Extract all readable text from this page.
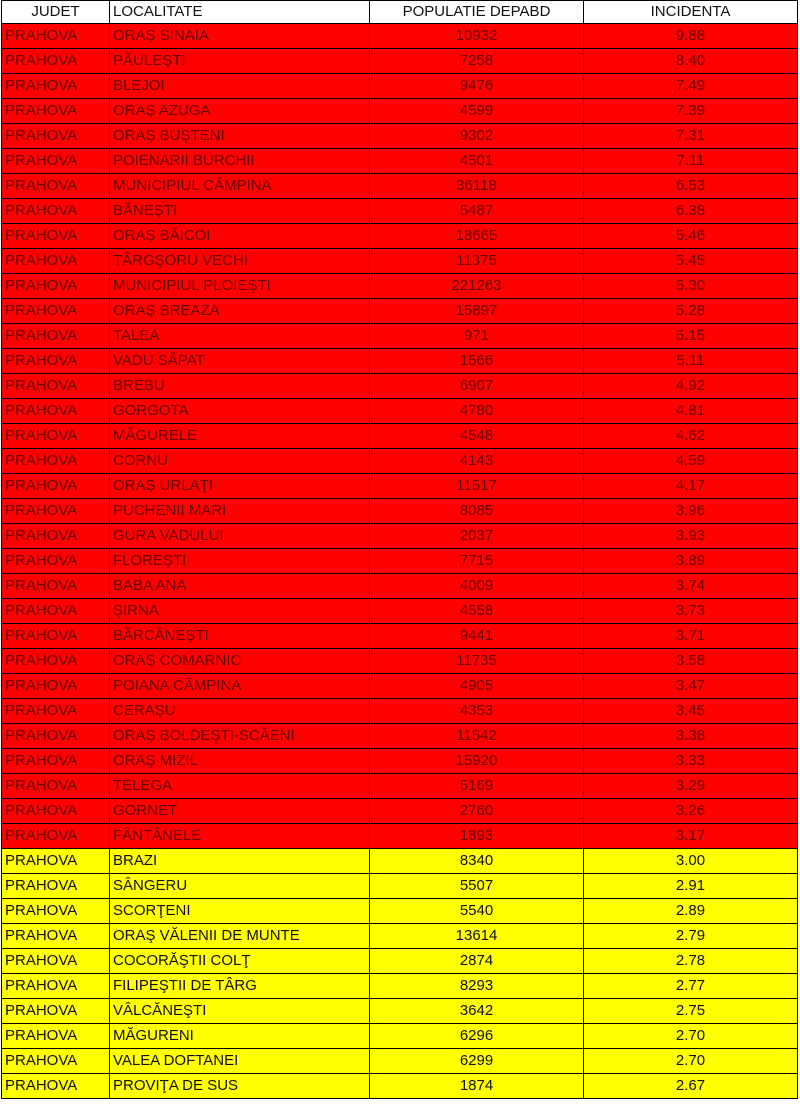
JUDET	LOCALITATE	POPULATIE DEPABD	INCIDENTA
PRAHOVA	ORAŞ SINAIA	10932	9.88
PRAHOVA	PĂULEŞTI	7258	8.40
PRAHOVA	BLEJOI	9476	7.49
PRAHOVA	ORAŞ AZUGA	4599	7.39
PRAHOVA	ORAŞ BUŞTENI	9302	7.31
PRAHOVA	POIENARII BURCHII	4501	7.11
PRAHOVA	MUNICIPIUL CÂMPINA	36118	6.53
PRAHOVA	BĂNEŞTI	5487	6.38
PRAHOVA	ORAŞ BĂICOI	18665	5.46
PRAHOVA	TÂRGŞORU VECHI	11375	5.45
PRAHOVA	MUNICIPIUL PLOIEŞTI	221263	5.30
PRAHOVA	ORAŞ BREAZA	15897	5.28
PRAHOVA	TALEA	971	5.15
PRAHOVA	VADU SĂPAT	1566	5.11
PRAHOVA	BREBU	6907	4.92
PRAHOVA	GORGOTA	4780	4.81
PRAHOVA	MĂGURELE	4548	4.62
PRAHOVA	CORNU	4143	4.59
PRAHOVA	ORAŞ URLAŢI	11517	4.17
PRAHOVA	PUCHENII MARI	8085	3.96
PRAHOVA	GURA VADULUI	2037	3.93
PRAHOVA	FLOREŞTI	7715	3.89
PRAHOVA	BABA ANA	4009	3.74
PRAHOVA	ŞIRNA	4558	3.73
PRAHOVA	BĂRCĂNEŞTI	9441	3.71
PRAHOVA	ORAŞ COMARNIC	11735	3.58
PRAHOVA	POIANA CÂMPINA	4905	3.47
PRAHOVA	CERAŞU	4353	3.45
PRAHOVA	ORAŞ BOLDEŞTI-SCĂENI	11542	3.38
PRAHOVA	ORAŞ MIZIL	15920	3.33
PRAHOVA	TELEGA	5169	3.29
PRAHOVA	GORNET	2760	3.26
PRAHOVA	FÂNTÂNELE	1893	3.17
PRAHOVA	BRAZI	8340	3.00
PRAHOVA	SÂNGERU	5507	2.91
PRAHOVA	SCORŢENI	5540	2.89
PRAHOVA	ORAŞ VĂLENII DE MUNTE	13614	2.79
PRAHOVA	COCORĂŞTII COLŢ	2874	2.78
PRAHOVA	FILIPEŞTII DE TÂRG	8293	2.77
PRAHOVA	VÂLCĂNEŞTI	3642	2.75
PRAHOVA	MĂGURENI	6296	2.70
PRAHOVA	VALEA DOFTANEI	6299	2.70
PRAHOVA	PROVIŢA DE SUS	1874	2.67
